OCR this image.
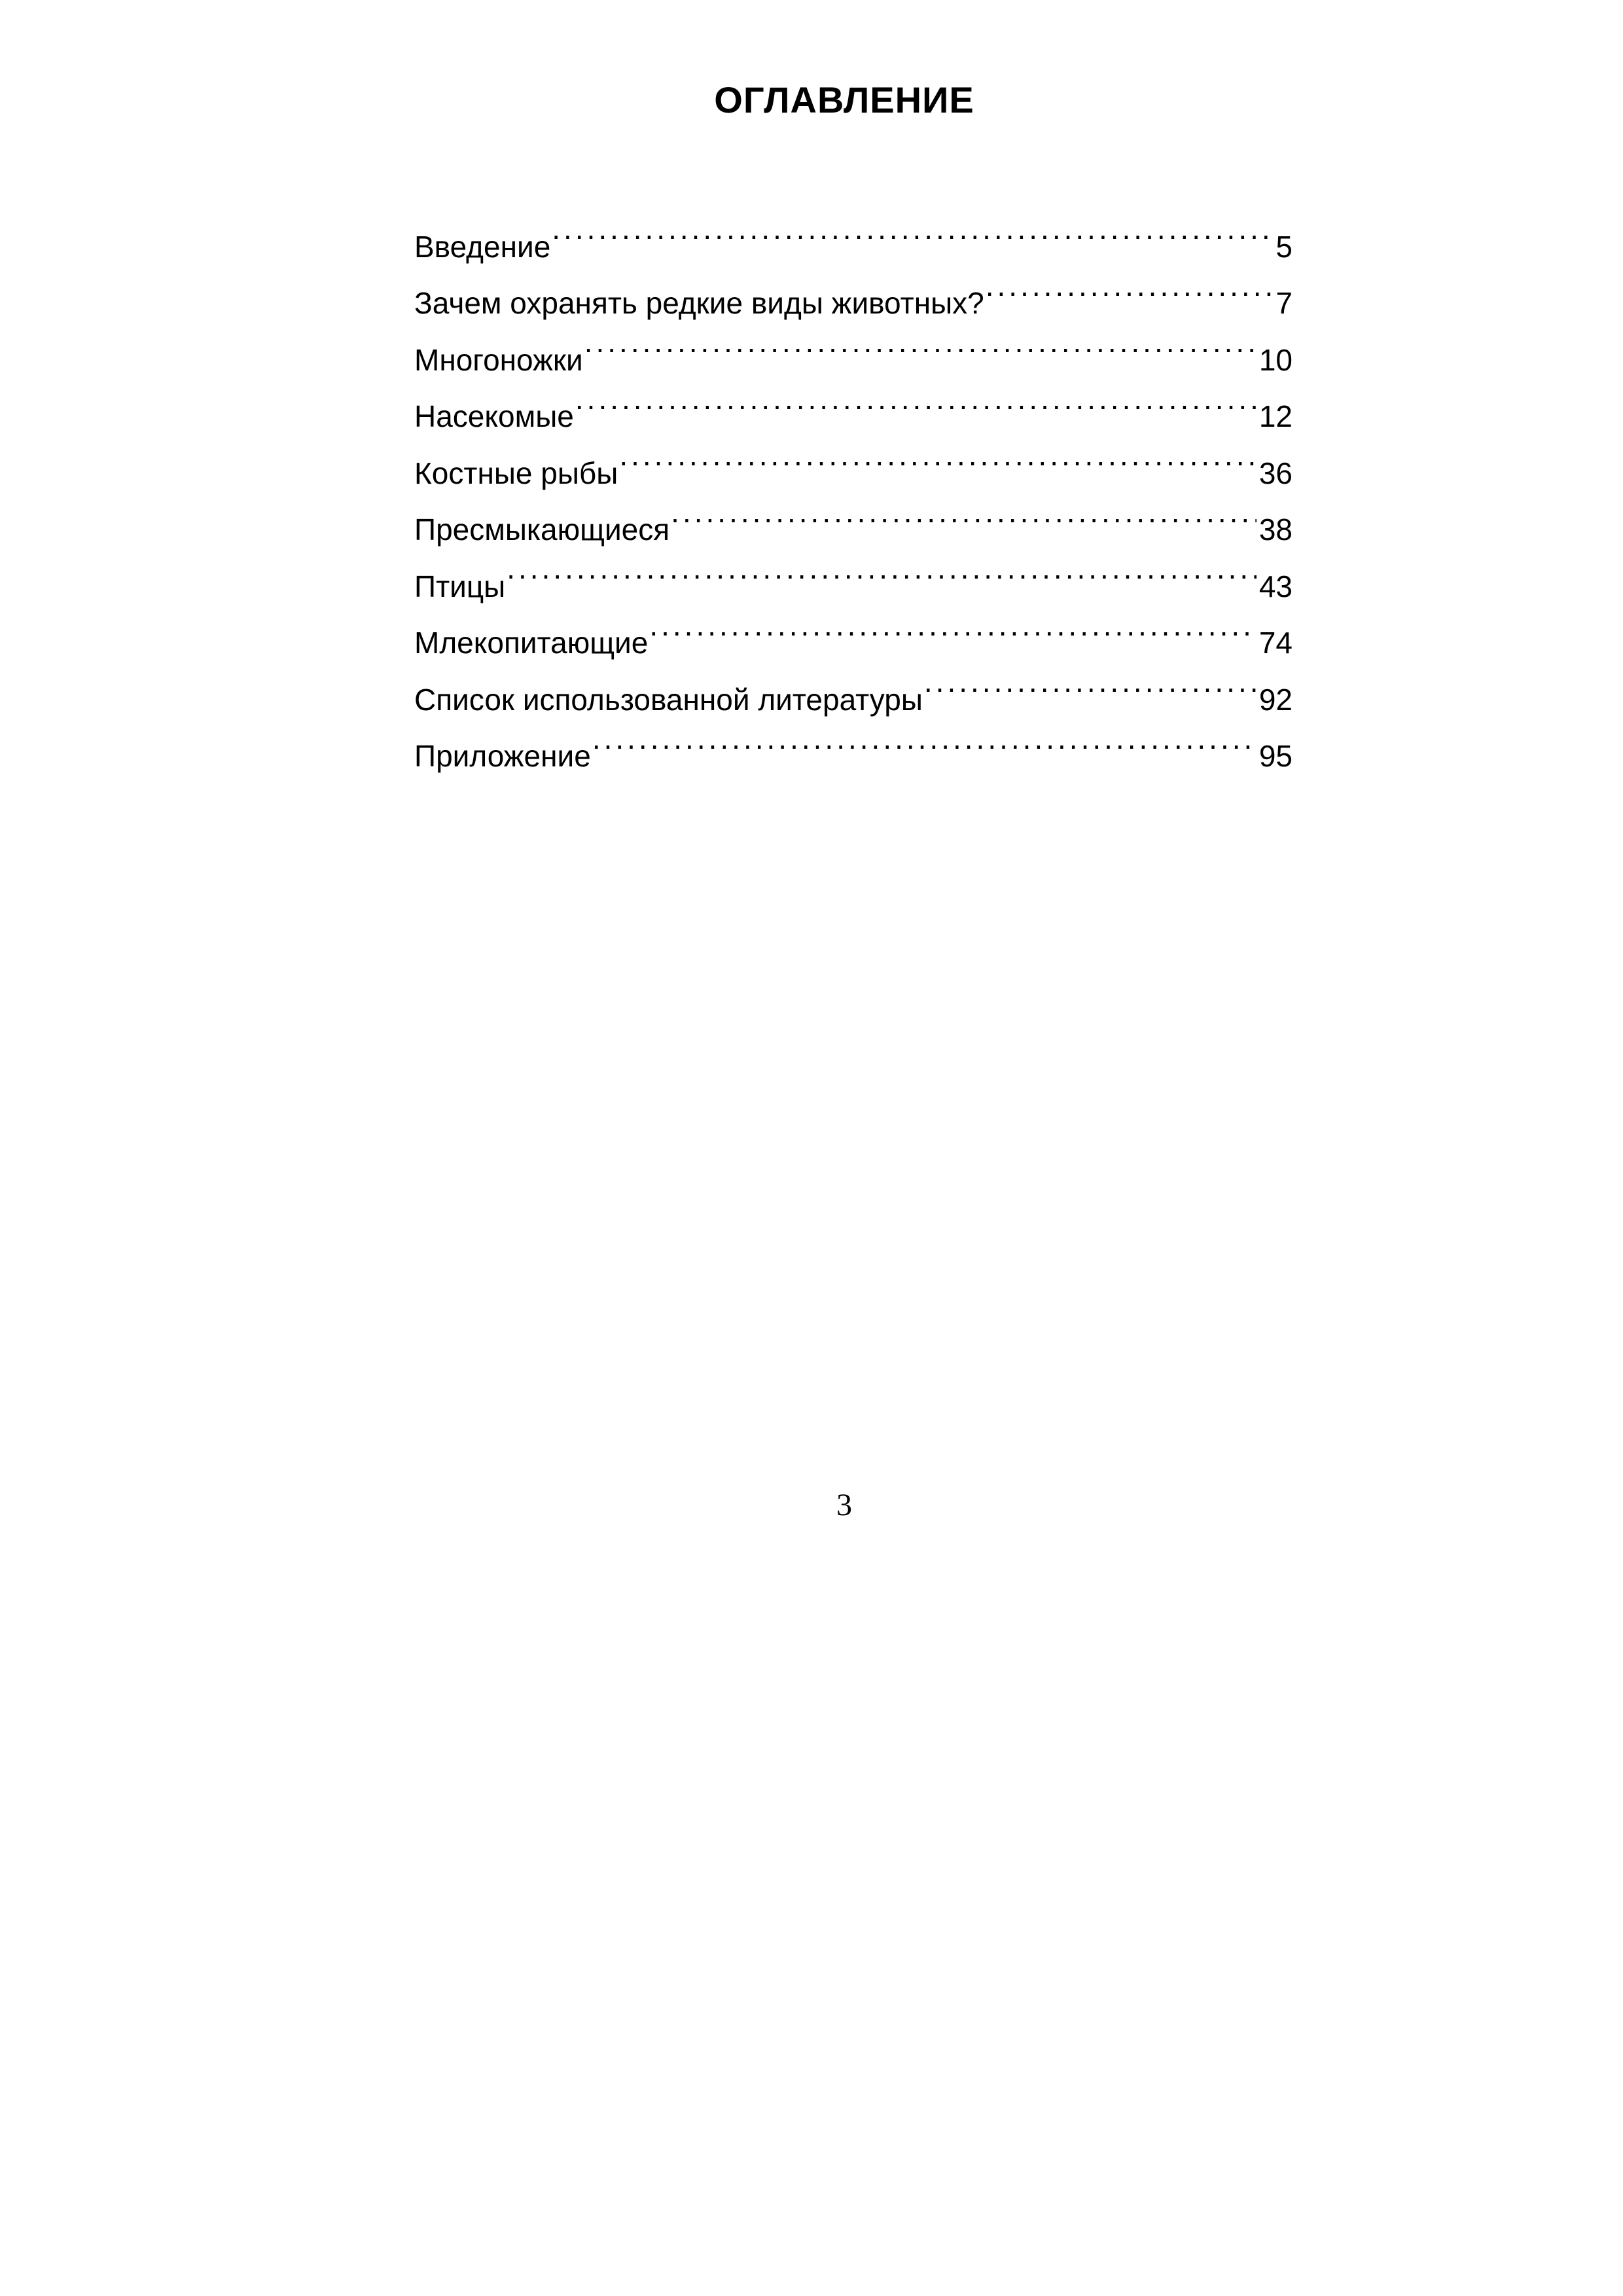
ОГЛАВЛЕНИЕ
Введение .....	5
Зачем охранять редкие виды животных? .....	7
Многоножки .....	10
Насекомые .....	12
Костные рыбы .....	36
Пресмыкающиеся .....	38
Птицы .....	43
Млекопитающие .....	74
Список использованной литературы .....	92
Приложение .....	95
3
